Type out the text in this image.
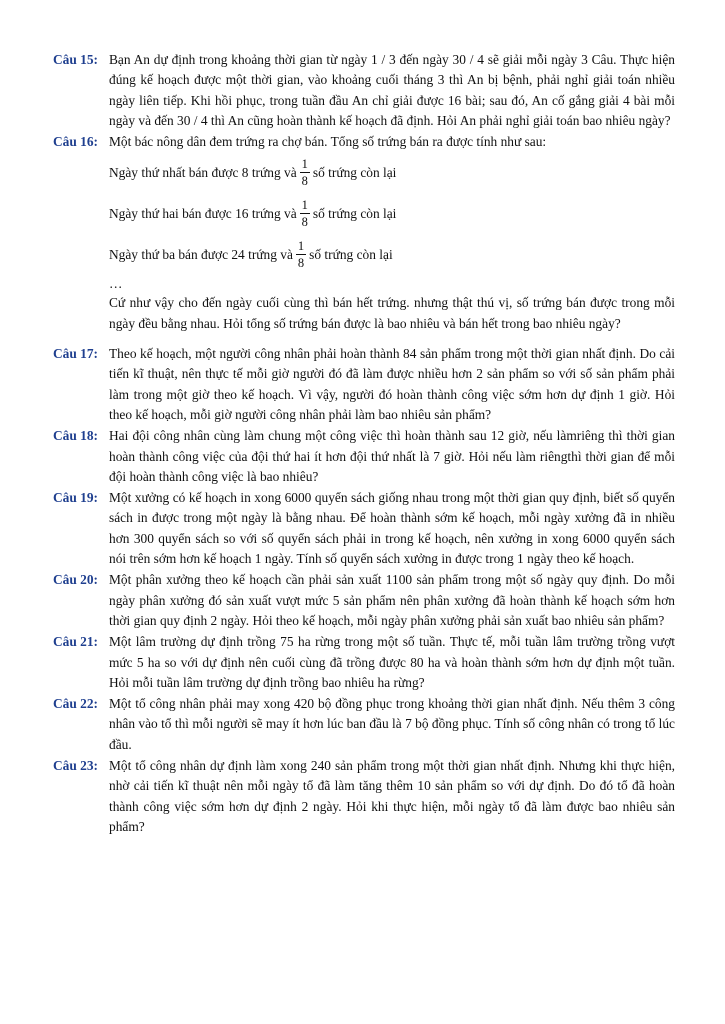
Câu 15: Bạn An dự định trong khoảng thời gian từ ngày 1 / 3 đến ngày 30 / 4 sẽ giải mỗi ngày 3 Câu. Thực hiện đúng kế hoạch được một thời gian, vào khoảng cuối tháng 3 thì An bị bệnh, phải nghỉ giải toán nhiều ngày liên tiếp. Khi hồi phục, trong tuần đầu An chỉ giải được 16 bài; sau đó, An cố gắng giải 4 bài mỗi ngày và đến 30 / 4 thì An cũng hoàn thành kế hoạch đã định. Hỏi An phải nghỉ giải toán bao nhiêu ngày?

Câu 16: Một bác nông dân đem trứng ra chợ bán. Tổng số trứng bán ra được tính như sau:

Ngày thứ nhất bán được 8 trứng và $\frac{1}{8}$ số trứng còn lại
Ngày thứ hai bán được 16 trứng và $\frac{1}{8}$ số trứng còn lại
Ngày thứ ba bán được 24 trứng và $\frac{1}{8}$ số trứng còn lại

…

Cứ như vậy cho đến ngày cuối cùng thì bán hết trứng. nhưng thật thú vị, số trứng bán được trong mỗi ngày đều bằng nhau. Hỏi tổng số trứng bán được là bao nhiêu và bán hết trong bao nhiêu ngày?

Câu 17: Theo kế hoạch, một người công nhân phải hoàn thành 84 sản phẩm trong một thời gian nhất định. Do cải tiến kĩ thuật, nên thực tế mỗi giờ người đó đã làm được nhiều hơn 2 sản phẩm so với số sản phẩm phải làm trong một giờ theo kế hoạch. Vì vậy, người đó hoàn thành công việc sớm hơn dự định 1 giờ. Hỏi theo kế hoạch, mỗi giờ người công nhân phải làm bao nhiêu sản phẩm?

Câu 18: Hai đội công nhân cùng làm chung một công việc thì hoàn thành sau 12 giờ, nếu làmriêng thì thời gian hoàn thành công việc của đội thứ hai ít hơn đội thứ nhất là 7 giờ. Hỏi nếu làm riêngthì thời gian để mỗi đội hoàn thành công việc là bao nhiêu?

Câu 19: Một xưởng có kế hoạch in xong 6000 quyển sách giống nhau trong một thời gian quy định, biết số quyển sách in được trong một ngày là bằng nhau. Để hoàn thành sớm kế hoạch, mỗi ngày xưởng đã in nhiều hơn 300 quyển sách so với số quyển sách phải in trong kế hoạch, nên xưởng in xong 6000 quyển sách nói trên sớm hơn kế hoạch 1 ngày. Tính số quyển sách xưởng in được trong 1 ngày theo kế hoạch.

Câu 20: Một phân xưởng theo kế hoạch cần phải sản xuất 1100 sản phẩm trong một số ngày quy định. Do mỗi ngày phân xưởng đó sản xuất vượt mức 5 sản phẩm nên phân xưởng đã hoàn thành kế hoạch sớm hơn thời gian quy định 2 ngày. Hỏi theo kế hoạch, mỗi ngày phân xưởng phải sản xuất bao nhiêu sản phẩm?

Câu 21: Một lâm trường dự định trồng 75 ha rừng trong một số tuần. Thực tế, mỗi tuần lâm trường trồng vượt mức 5 ha so với dự định nên cuối cùng đã trồng được 80 ha và hoàn thành sớm hơn dự định một tuần. Hỏi mỗi tuần lâm trường dự định trồng bao nhiêu ha rừng?

Câu 22: Một tổ công nhân phải may xong 420 bộ đồng phục trong khoảng thời gian nhất định. Nếu thêm 3 công nhân vào tổ thì mỗi người sẽ may ít hơn lúc ban đầu là 7 bộ đồng phục. Tính số công nhân có trong tổ lúc đầu.

Câu 23: Một tổ công nhân dự định làm xong 240 sản phẩm trong một thời gian nhất định. Nhưng khi thực hiện, nhờ cải tiến kĩ thuật nên mỗi ngày tổ đã làm tăng thêm 10 sản phẩm so với dự định. Do đó tổ đã hoàn thành công việc sớm hơn dự định 2 ngày. Hỏi khi thực hiện, mỗi ngày tổ đã làm được bao nhiêu sản phẩm?
